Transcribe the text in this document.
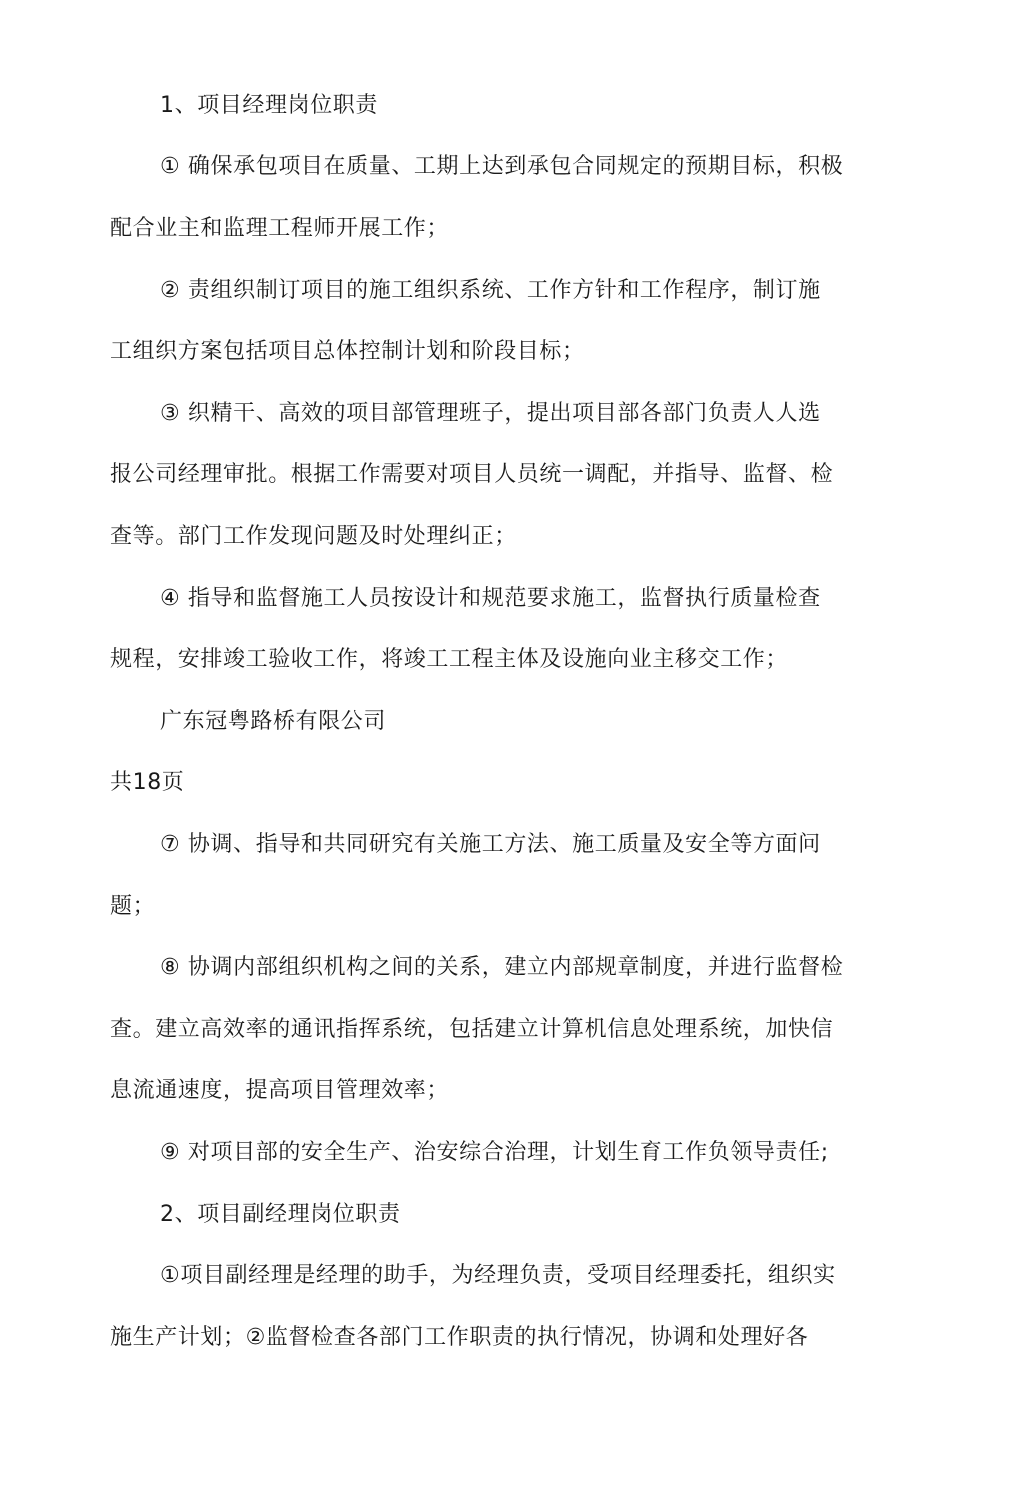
1、项目经理岗位职责
① 确保承包项目在质量、工期上达到承包合同规定的预期目标，积极
配合业主和监理工程师开展工作；
② 责组织制订项目的施工组织系统、工作方针和工作程序，制订施
工组织方案包括项目总体控制计划和阶段目标；
③ 织精干、高效的项目部管理班子，提出项目部各部门负责人人选
报公司经理审批。根据工作需要对项目人员统一调配，并指导、监督、检
查等。部门工作发现问题及时处理纠正；
④ 指导和监督施工人员按设计和规范要求施工，监督执行质量检查
规程，安排竣工验收工作，将竣工工程主体及设施向业主移交工作；
广东冠粤路桥有限公司
共18页
⑦ 协调、指导和共同研究有关施工方法、施工质量及安全等方面问
题；
⑧ 协调内部组织机构之间的关系，建立内部规章制度，并进行监督检
查。建立高效率的通讯指挥系统，包括建立计算机信息处理系统，加快信
息流通速度，提高项目管理效率；
⑨ 对项目部的安全生产、治安综合治理，计划生育工作负领导责任;
2、项目副经理岗位职责
①项目副经理是经理的助手，为经理负责，受项目经理委托，组织实
施生产计划；②监督检查各部门工作职责的执行情况，协调和处理好各
